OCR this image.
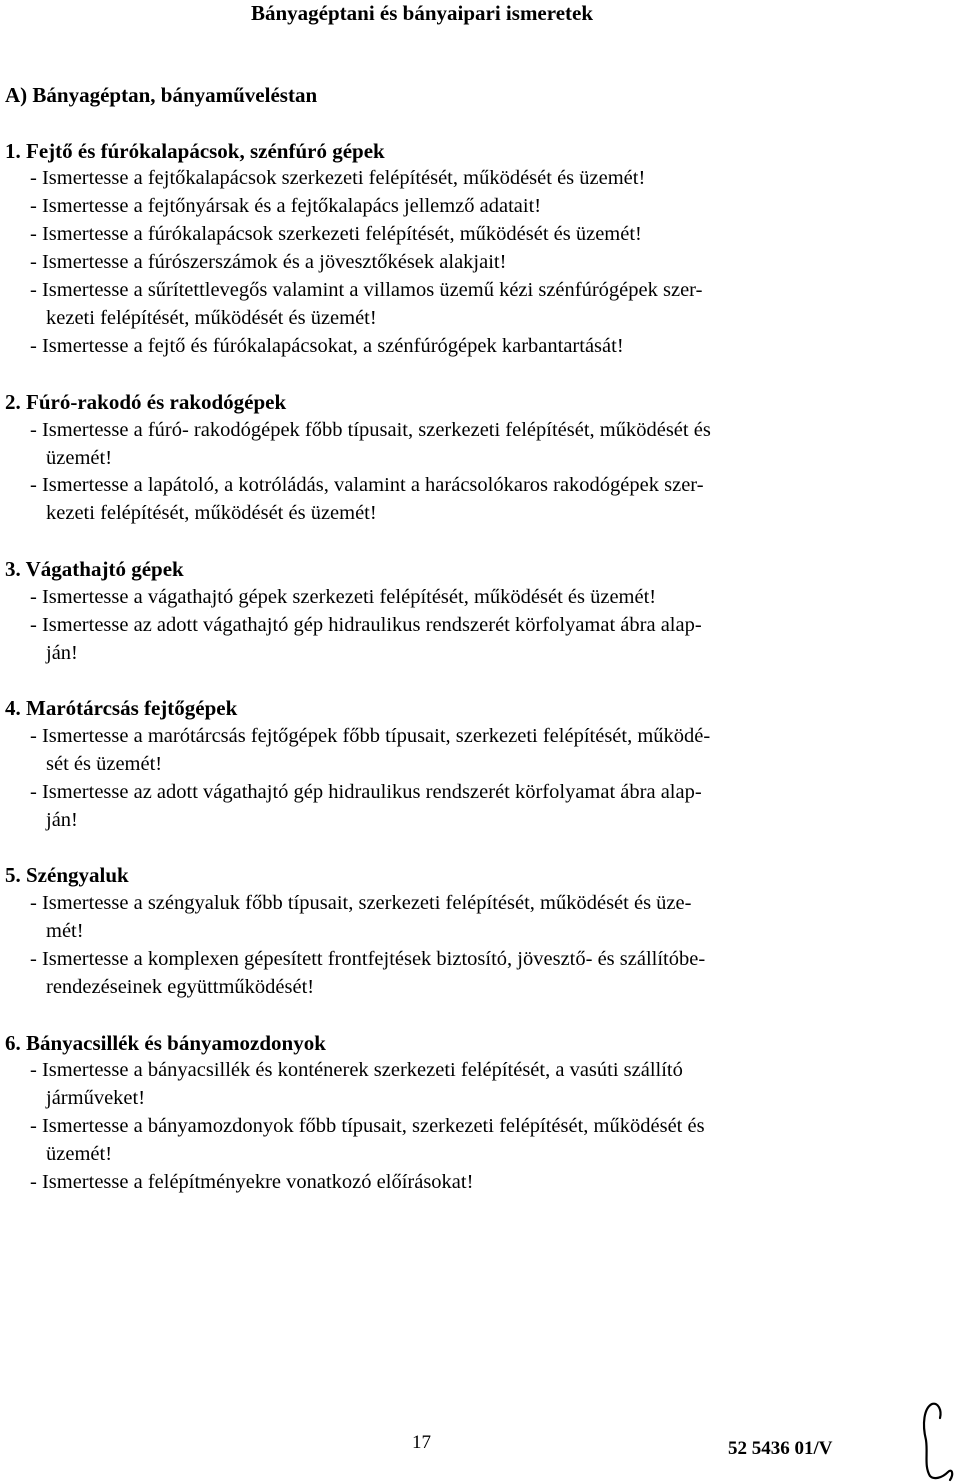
Bányagéptani és bányaipari ismeretek
A) Bányagéptan, bányaműveléstan
1. Fejtő és fúrókalapácsok, szénfúró gépek
- Ismertesse a fejtőkalapácsok szerkezeti felépítését, működését és üzemét!
- Ismertesse a fejtőnyársak és a fejtőkalapács jellemző adatait!
- Ismertesse a fúrókalapácsok szerkezeti felépítését, működését és üzemét!
- Ismertesse a fúrószerszámok és a jövesztőkések alakjait!
- Ismertesse a sűrítettlevegős valamint a villamos üzemű kézi szénfúrógépek szer-
kezeti felépítését, működését és üzemét!
- Ismertesse a fejtő és fúrókalapácsokat, a szénfúrógépek karbantartását!
2. Fúró-rakodó és rakodógépek
- Ismertesse a fúró- rakodógépek főbb típusait, szerkezeti felépítését, működését és
üzemét!
- Ismertesse a lapátoló, a kotróládás, valamint a harácsolókaros rakodógépek szer-
kezeti felépítését, működését és üzemét!
3. Vágathajtó gépek
- Ismertesse a vágathajtó gépek szerkezeti felépítését, működését és üzemét!
- Ismertesse az adott vágathajtó gép hidraulikus rendszerét körfolyamat ábra alap-
ján!
4. Marótárcsás fejtőgépek
- Ismertesse a marótárcsás fejtőgépek főbb típusait, szerkezeti felépítését, működé-
sét és üzemét!
- Ismertesse az adott vágathajtó gép hidraulikus rendszerét körfolyamat ábra alap-
ján!
5. Széngyaluk
- Ismertesse a széngyaluk főbb típusait, szerkezeti felépítését, működését és üze-
mét!
- Ismertesse a komplexen gépesített frontfejtések biztosító, jövesztő- és szállítóbe-
rendezéseinek együttműködését!
6. Bányacsillék és bányamozdonyok
- Ismertesse a bányacsillék és konténerek szerkezeti felépítését, a vasúti szállító
járműveket!
- Ismertesse a bányamozdonyok főbb típusait, szerkezeti felépítését, működését és
üzemét!
- Ismertesse a felépítményekre vonatkozó előírásokat!
17	52 5436 01/V
